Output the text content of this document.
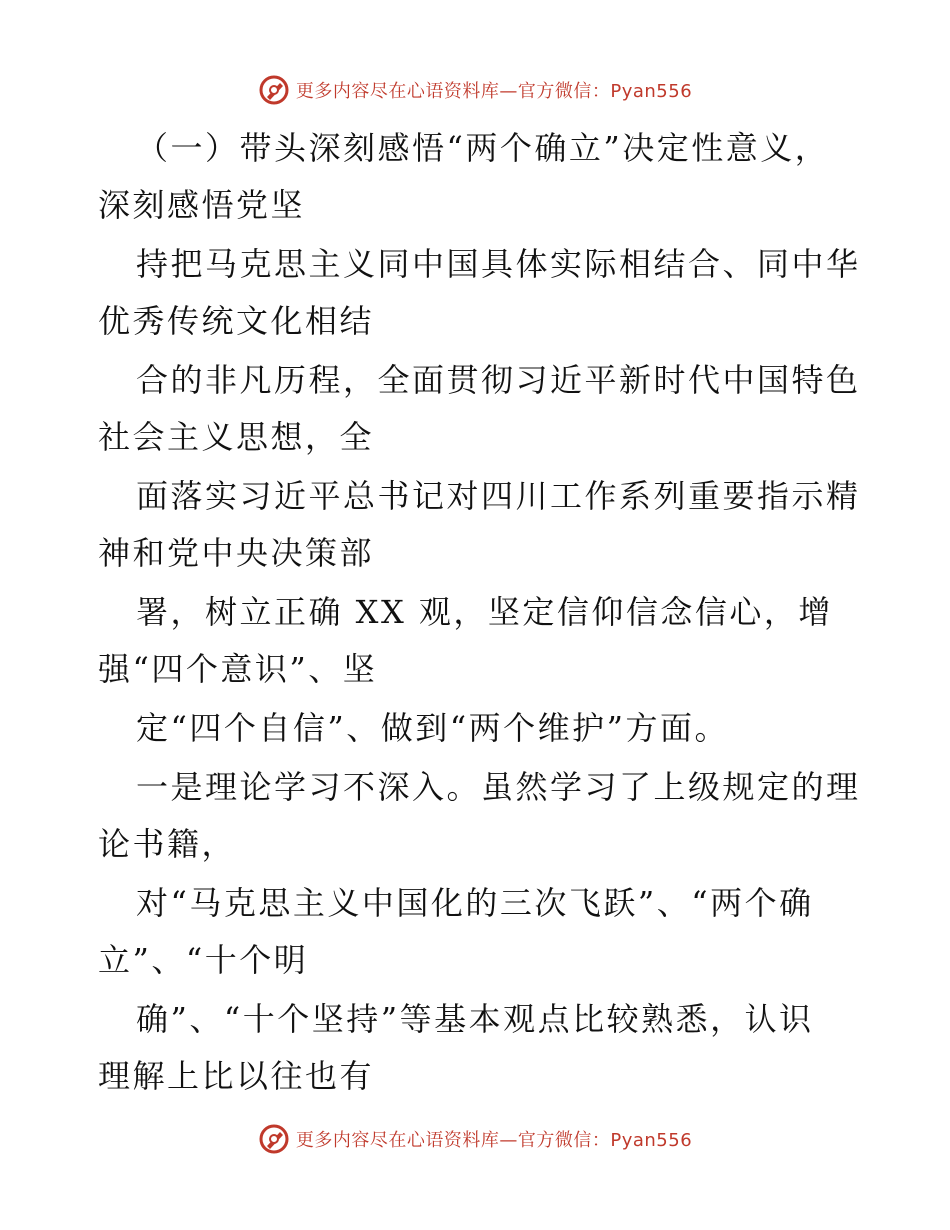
更多内容尽在心语资料库—官方微信：Pyan556
（一）带头深刻感悟“两个确立”决定性意义，
深刻感悟党坚
持把马克思主义同中国具体实际相结合、同中华
优秀传统文化相结
合的非凡历程，全面贯彻习近平新时代中国特色
社会主义思想，全
面落实习近平总书记对四川工作系列重要指示精
神和党中央决策部
署，树立正确 XX 观，坚定信仰信念信心，增
强“四个意识”、坚
定“四个自信”、做到“两个维护”方面。
一是理论学习不深入。虽然学习了上级规定的理
论书籍，
对“马克思主义中国化的三次飞跃”、“两个确
立”、“十个明
确”、“十个坚持”等基本观点比较熟悉，认识
理解上比以往也有
更多内容尽在心语资料库—官方微信：Pyan556
